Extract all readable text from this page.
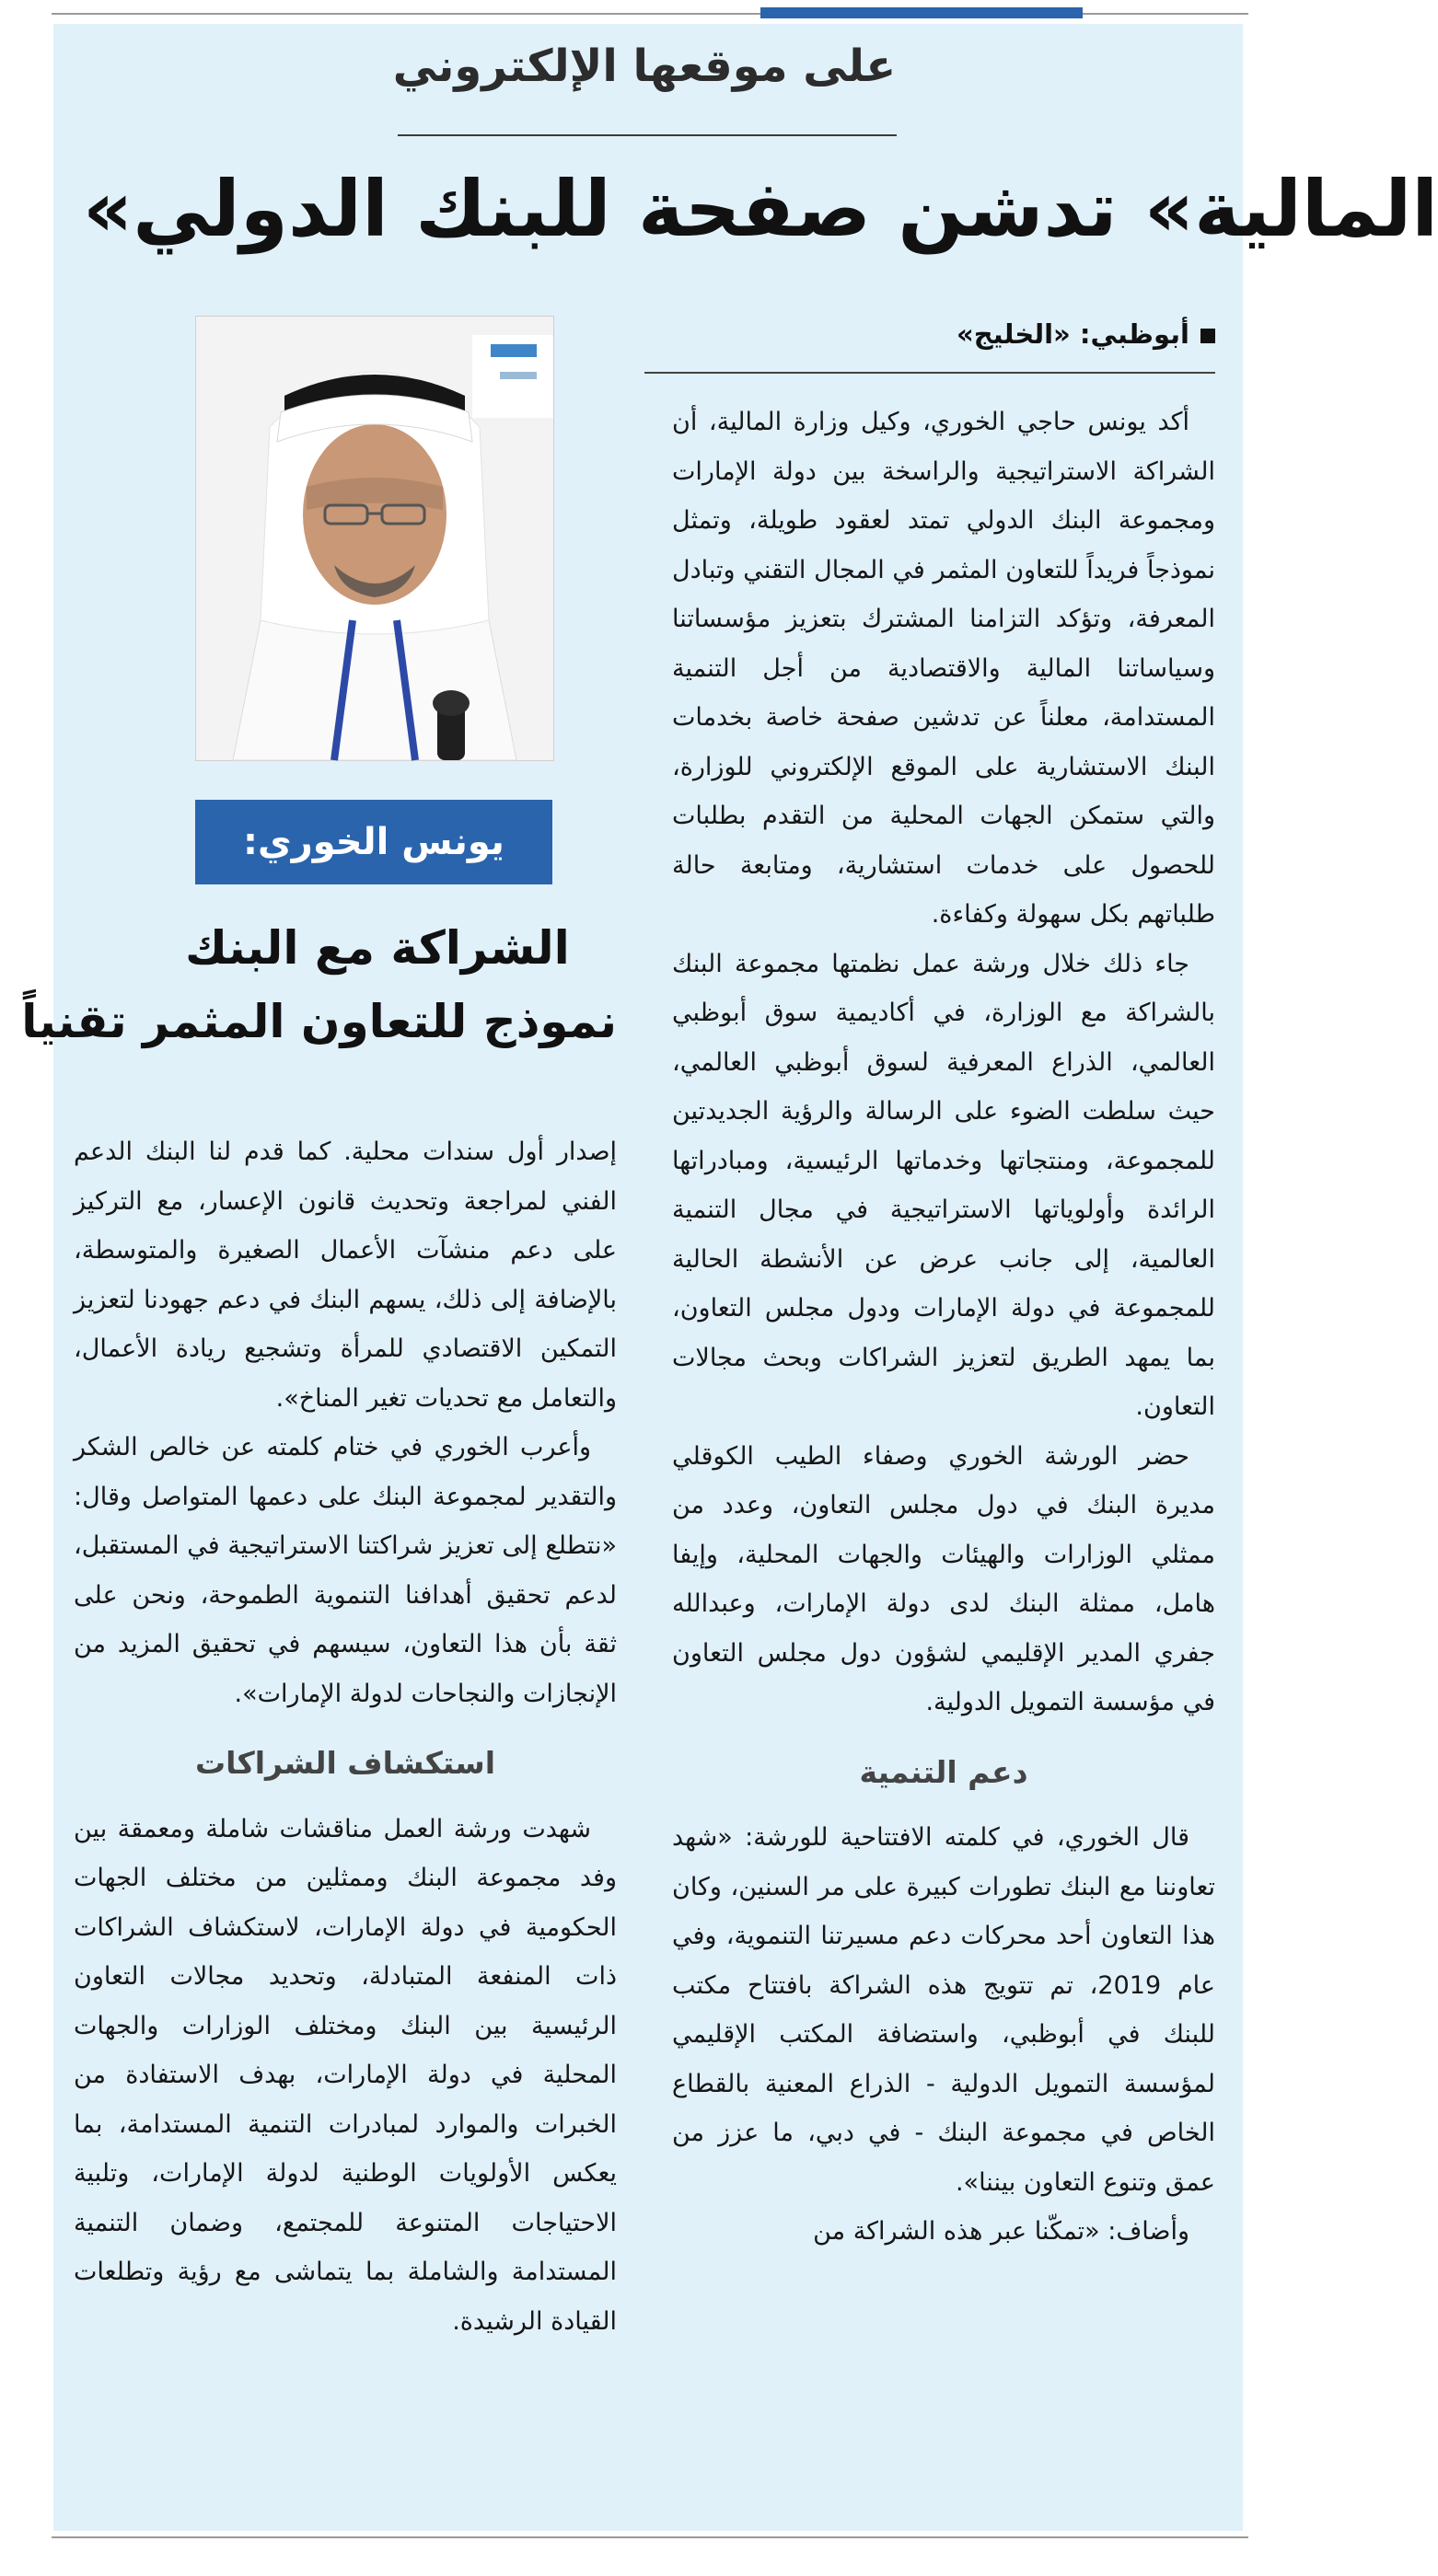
على موقعها الإلكتروني
«المالية» تدشن صفحة للبنك الدولي
أبوظبي: «الخليج»
يونس الخوري:
الشراكة مع البنك
نموذج للتعاون المثمر تقنياً

أكد يونس حاجي الخوري، وكيل وزارة المالية، أن الشراكة الاستراتيجية والراسخة بين دولة الإمارات ومجموعة البنك الدولي تمتد لعقود طويلة، وتمثل نموذجاً فريداً للتعاون المثمر في المجال التقني وتبادل المعرفة، وتؤكد التزامنا المشترك بتعزيز مؤسساتنا وسياساتنا المالية والاقتصادية من أجل التنمية المستدامة، معلناً عن تدشين صفحة خاصة بخدمات البنك الاستشارية على الموقع الإلكتروني للوزارة، والتي ستمكن الجهات المحلية من التقدم بطلبات للحصول على خدمات استشارية، ومتابعة حالة طلباتهم بكل سهولة وكفاءة.

جاء ذلك خلال ورشة عمل نظمتها مجموعة البنك بالشراكة مع الوزارة، في أكاديمية سوق أبوظبي العالمي، الذراع المعرفية لسوق أبوظبي العالمي، حيث سلطت الضوء على الرسالة والرؤية الجديدتين للمجموعة، ومنتجاتها وخدماتها الرئيسية، ومبادراتها الرائدة وأولوياتها الاستراتيجية في مجال التنمية العالمية، إلى جانب عرض عن الأنشطة الحالية للمجموعة في دولة الإمارات ودول مجلس التعاون، بما يمهد الطريق لتعزيز الشراكات وبحث مجالات التعاون.

حضر الورشة الخوري وصفاء الطيب الكوقلي مديرة البنك في دول مجلس التعاون، وعدد من ممثلي الوزارات والهيئات والجهات المحلية، وإيفا هامل، ممثلة البنك لدى دولة الإمارات، وعبدالله جفري المدير الإقليمي لشؤون دول مجلس التعاون في مؤسسة التمويل الدولية.

دعم التنمية

قال الخوري، في كلمته الافتتاحية للورشة: «شهد تعاوننا مع البنك تطورات كبيرة على مر السنين، وكان هذا التعاون أحد محركات دعم مسيرتنا التنموية، وفي عام 2019، تم تتويج هذه الشراكة بافتتاح مكتب للبنك في أبوظبي، واستضافة المكتب الإقليمي لمؤسسة التمويل الدولية - الذراع المعنية بالقطاع الخاص في مجموعة البنك - في دبي، ما عزز من عمق وتنوع التعاون بيننا».

وأضاف: «تمكّنا عبر هذه الشراكة من

إصدار أول سندات محلية. كما قدم لنا البنك الدعم الفني لمراجعة وتحديث قانون الإعسار، مع التركيز على دعم منشآت الأعمال الصغيرة والمتوسطة، بالإضافة إلى ذلك، يسهم البنك في دعم جهودنا لتعزيز التمكين الاقتصادي للمرأة وتشجيع ريادة الأعمال، والتعامل مع تحديات تغير المناخ».

وأعرب الخوري في ختام كلمته عن خالص الشكر والتقدير لمجموعة البنك على دعمها المتواصل وقال: «نتطلع إلى تعزيز شراكتنا الاستراتيجية في المستقبل، لدعم تحقيق أهدافنا التنموية الطموحة، ونحن على ثقة بأن هذا التعاون، سيسهم في تحقيق المزيد من الإنجازات والنجاحات لدولة الإمارات».

استكشاف الشراكات

شهدت ورشة العمل مناقشات شاملة ومعمقة بين وفد مجموعة البنك وممثلين من مختلف الجهات الحكومية في دولة الإمارات، لاستكشاف الشراكات ذات المنفعة المتبادلة، وتحديد مجالات التعاون الرئيسية بين البنك ومختلف الوزارات والجهات المحلية في دولة الإمارات، بهدف الاستفادة من الخبرات والموارد لمبادرات التنمية المستدامة، بما يعكس الأولويات الوطنية لدولة الإمارات، وتلبية الاحتياجات المتنوعة للمجتمع، وضمان التنمية المستدامة والشاملة بما يتماشى مع رؤية وتطلعات القيادة الرشيدة.
